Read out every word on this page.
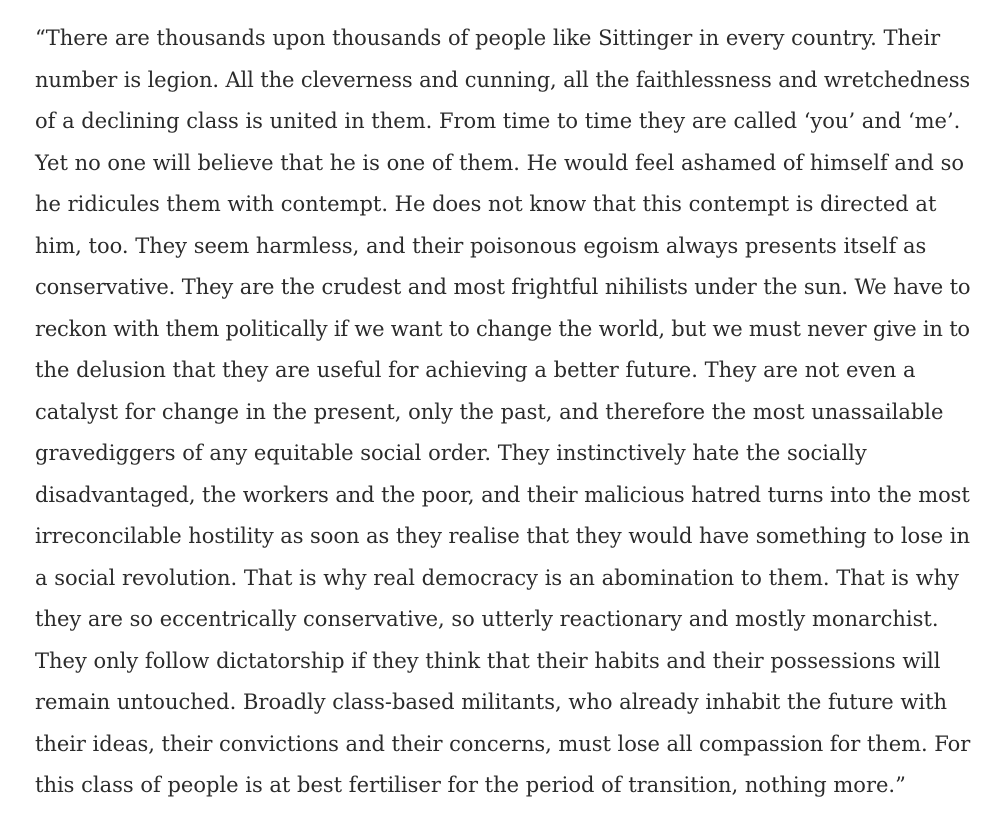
“There are thousands upon thousands of people like Sittinger in every country. Their
number is legion. All the cleverness and cunning, all the faithlessness and wretchedness
of a declining class is united in them. From time to time they are called ‘you’ and ‘me’.
Yet no one will believe that he is one of them. He would feel ashamed of himself and so
he ridicules them with contempt. He does not know that this contempt is directed at
him, too. They seem harmless, and their poisonous egoism always presents itself as
conservative. They are the crudest and most frightful nihilists under the sun. We have to
reckon with them politically if we want to change the world, but we must never give in to
the delusion that they are useful for achieving a better future. They are not even a
catalyst for change in the present, only the past, and therefore the most unassailable
gravediggers of any equitable social order. They instinctively hate the socially
disadvantaged, the workers and the poor, and their malicious hatred turns into the most
irreconcilable hostility as soon as they realise that they would have something to lose in
a social revolution. That is why real democracy is an abomination to them. That is why
they are so eccentrically conservative, so utterly reactionary and mostly monarchist.
They only follow dictatorship if they think that their habits and their possessions will
remain untouched. Broadly class-based militants, who already inhabit the future with
their ideas, their convictions and their concerns, must lose all compassion for them. For
this class of people is at best fertiliser for the period of transition, nothing more.”
